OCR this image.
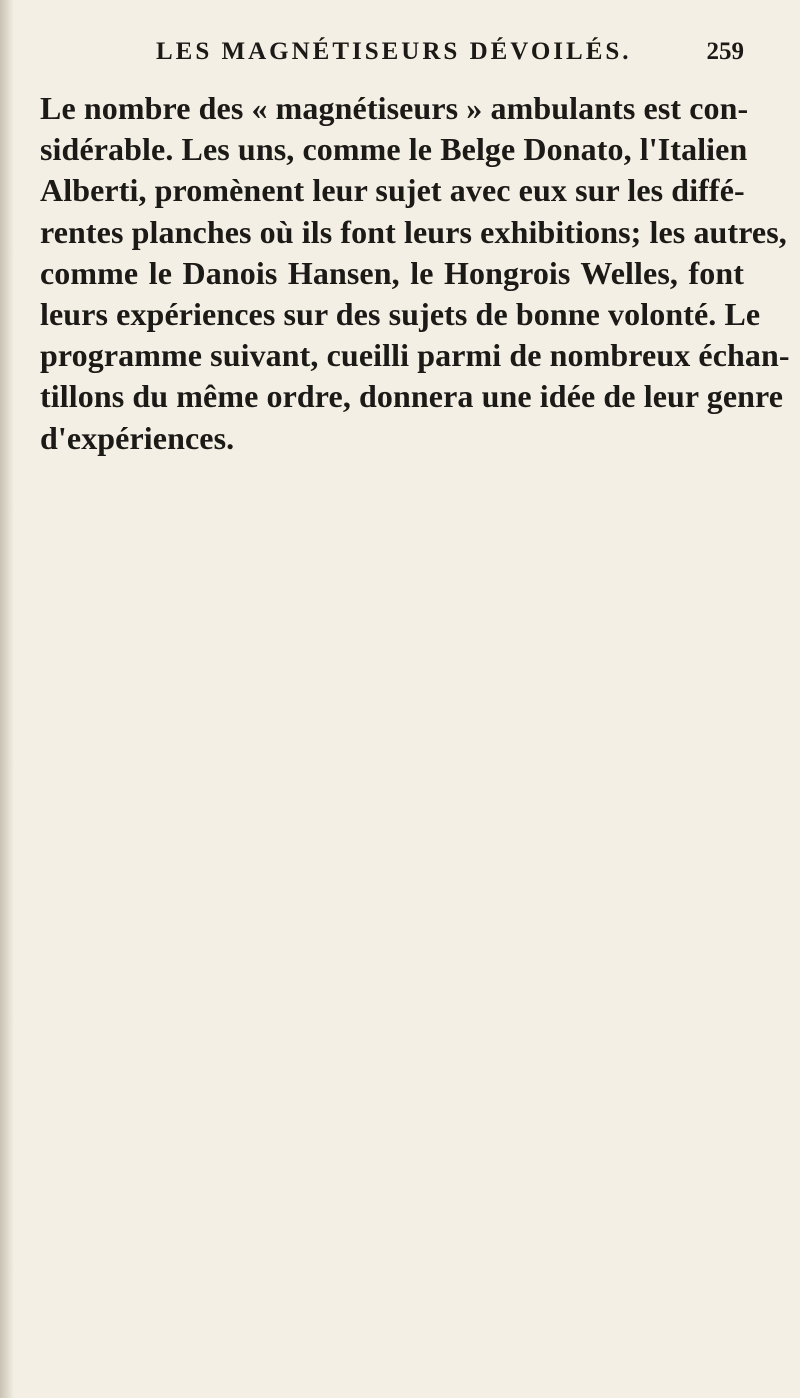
LES MAGNÉTISEURS DÉVOILÉS.	259
Le nombre des « magnétiseurs » ambulants est con-
sidérable. Les uns, comme le Belge Donato, l'Italien
Alberti, promènent leur sujet avec eux sur les diffé-
rentes planches où ils font leurs exhibitions; les autres,
comme le Danois Hansen, le Hongrois Welles, font
leurs expériences sur des sujets de bonne volonté. Le
programme suivant, cueilli parmi de nombreux échan-
tillons du même ordre, donnera une idée de leur genre
d'expériences.
